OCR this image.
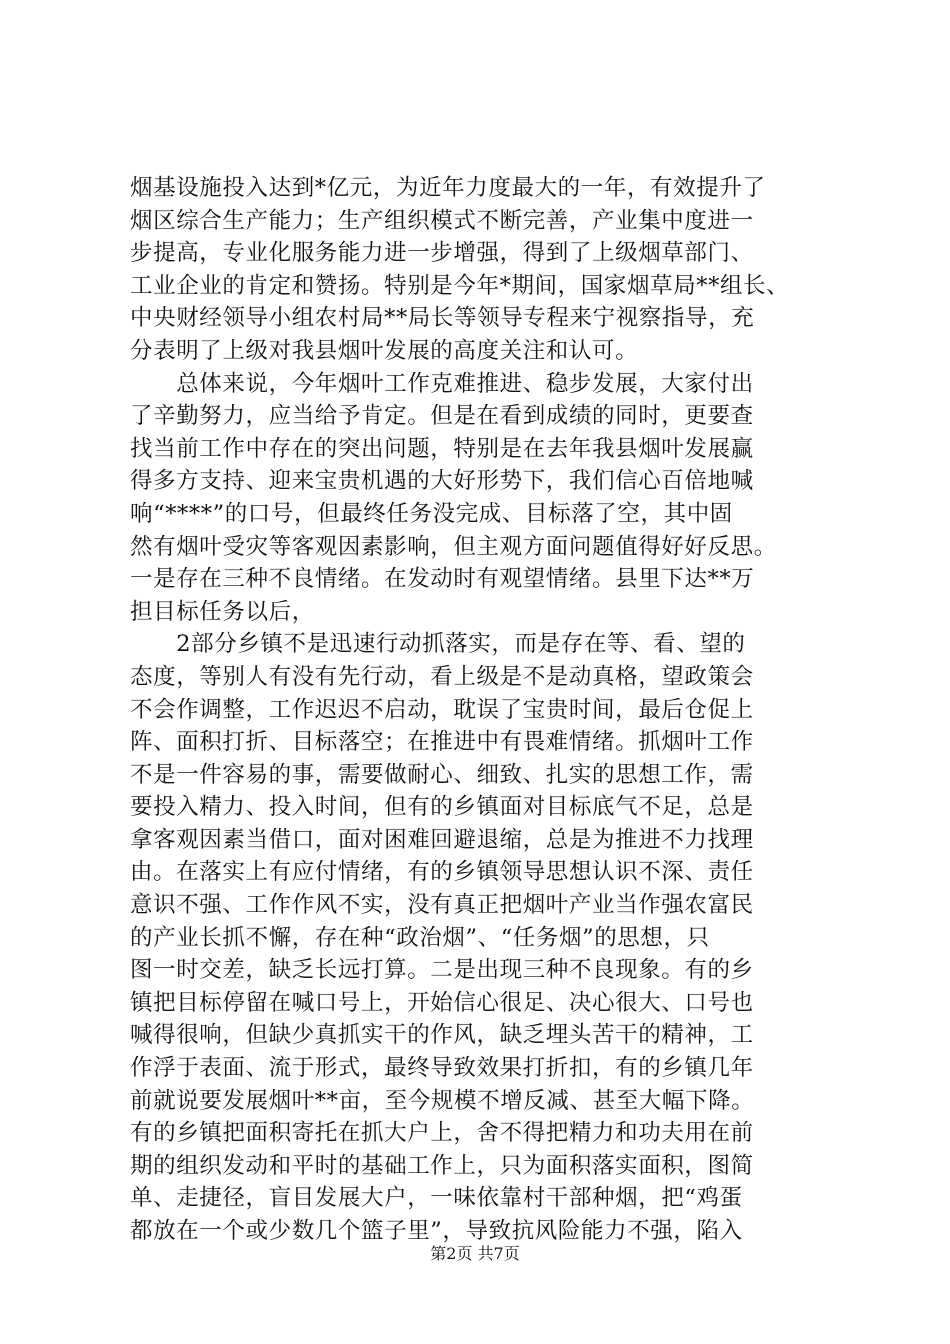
烟基设施投入达到*亿元，为近年力度最大的一年，有效提升了
烟区综合生产能力；生产组织模式不断完善，产业集中度进一
步提高，专业化服务能力进一步增强，得到了上级烟草部门、
工业企业的肯定和赞扬。特别是今年*期间，国家烟草局**组长、
中央财经领导小组农村局**局长等领导专程来宁视察指导，充
分表明了上级对我县烟叶发展的高度关注和认可。
　　总体来说，今年烟叶工作克难推进、稳步发展，大家付出
了辛勤努力，应当给予肯定。但是在看到成绩的同时，更要查
找当前工作中存在的突出问题，特别是在去年我县烟叶发展赢
得多方支持、迎来宝贵机遇的大好形势下，我们信心百倍地喊
响“****”的口号，但最终任务没完成、目标落了空，其中固
然有烟叶受灾等客观因素影响，但主观方面问题值得好好反思。
一是存在三种不良情绪。在发动时有观望情绪。县里下达**万
担目标任务以后，
　　2部分乡镇不是迅速行动抓落实，而是存在等、看、望的
态度，等别人有没有先行动，看上级是不是动真格，望政策会
不会作调整，工作迟迟不启动，耽误了宝贵时间，最后仓促上
阵、面积打折、目标落空；在推进中有畏难情绪。抓烟叶工作
不是一件容易的事，需要做耐心、细致、扎实的思想工作，需
要投入精力、投入时间，但有的乡镇面对目标底气不足，总是
拿客观因素当借口，面对困难回避退缩，总是为推进不力找理
由。在落实上有应付情绪，有的乡镇领导思想认识不深、责任
意识不强、工作作风不实，没有真正把烟叶产业当作强农富民
的产业长抓不懈，存在种“政治烟”、“任务烟”的思想，只
图一时交差，缺乏长远打算。二是出现三种不良现象。有的乡
镇把目标停留在喊口号上，开始信心很足、决心很大、口号也
喊得很响，但缺少真抓实干的作风，缺乏埋头苦干的精神，工
作浮于表面、流于形式，最终导致效果打折扣，有的乡镇几年
前就说要发展烟叶**亩，至今规模不增反减、甚至大幅下降。
有的乡镇把面积寄托在抓大户上，舍不得把精力和功夫用在前
期的组织发动和平时的基础工作上，只为面积落实面积，图简
单、走捷径，盲目发展大户，一味依靠村干部种烟，把“鸡蛋
都放在一个或少数几个篮子里”，导致抗风险能力不强，陷入
第2页 共7页
